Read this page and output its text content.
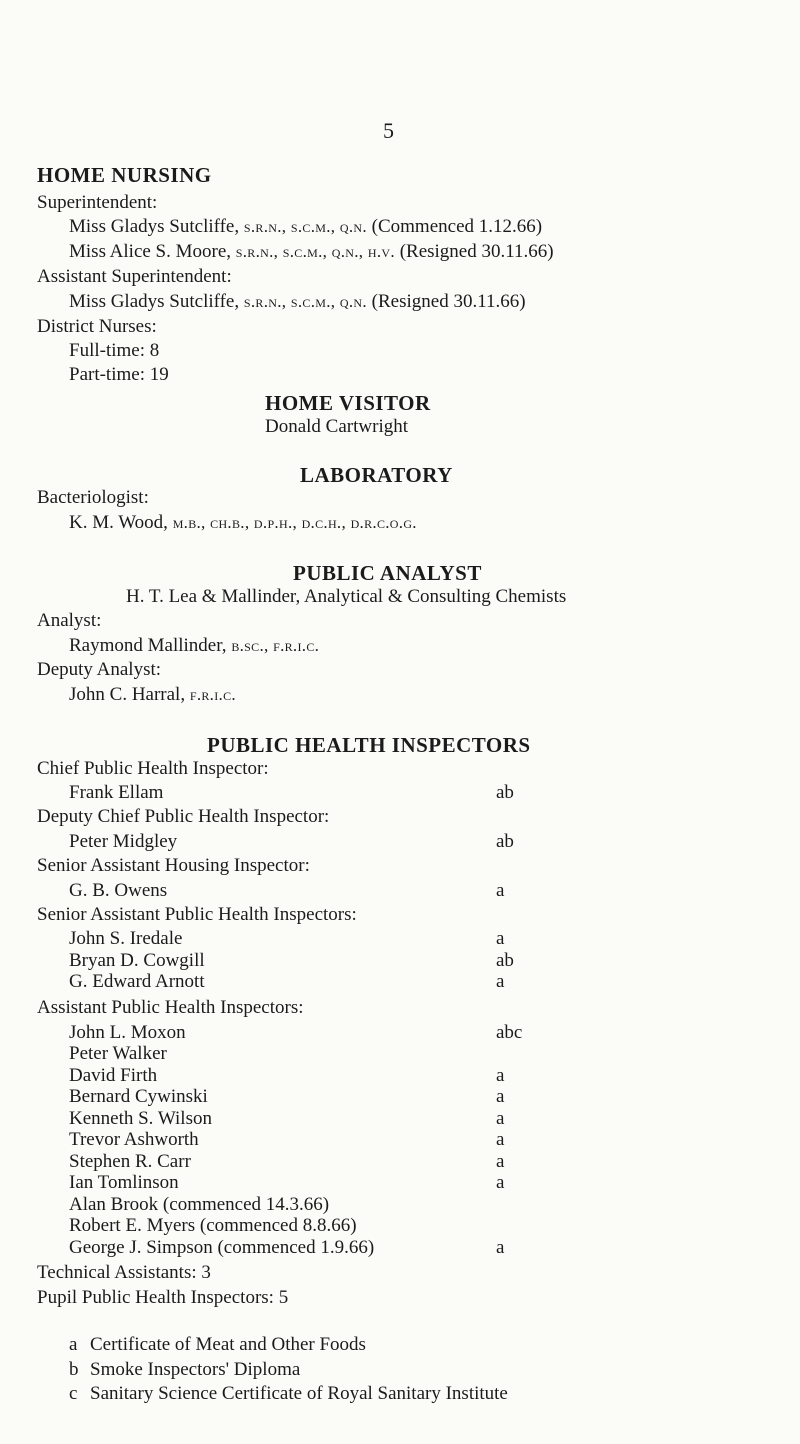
5
HOME NURSING
Superintendent:
Miss Gladys Sutcliffe, s.r.n., s.c.m., q.n. (Commenced 1.12.66)
Miss Alice S. Moore, s.r.n., s.c.m., q.n., h.v. (Resigned 30.11.66)
Assistant Superintendent:
Miss Gladys Sutcliffe, s.r.n., s.c.m., q.n. (Resigned 30.11.66)
District Nurses:
Full-time: 8
Part-time: 19
HOME VISITOR
Donald Cartwright
LABORATORY
Bacteriologist:
K. M. Wood, m.b., ch.b., d.p.h., d.c.h., d.r.c.o.g.
PUBLIC ANALYST
H. T. Lea & Mallinder, Analytical & Consulting Chemists
Analyst:
Raymond Mallinder, b.sc., f.r.i.c.
Deputy Analyst:
John C. Harral, f.r.i.c.
PUBLIC HEALTH INSPECTORS
Chief Public Health Inspector:
Frank Ellam	ab
Deputy Chief Public Health Inspector:
Peter Midgley	ab
Senior Assistant Housing Inspector:
G. B. Owens	a
Senior Assistant Public Health Inspectors:
John S. Iredale	a
Bryan D. Cowgill	ab
G. Edward Arnott	a
Assistant Public Health Inspectors:
John L. Moxon	abc
Peter Walker
David Firth	a
Bernard Cywinski	a
Kenneth S. Wilson	a
Trevor Ashworth	a
Stephen R. Carr	a
Ian Tomlinson	a
Alan Brook (commenced 14.3.66)
Robert E. Myers (commenced 8.8.66)
George J. Simpson (commenced 1.9.66)	a
Technical Assistants: 3
Pupil Public Health Inspectors: 5
a Certificate of Meat and Other Foods
b Smoke Inspectors' Diploma
c Sanitary Science Certificate of Royal Sanitary Institute
